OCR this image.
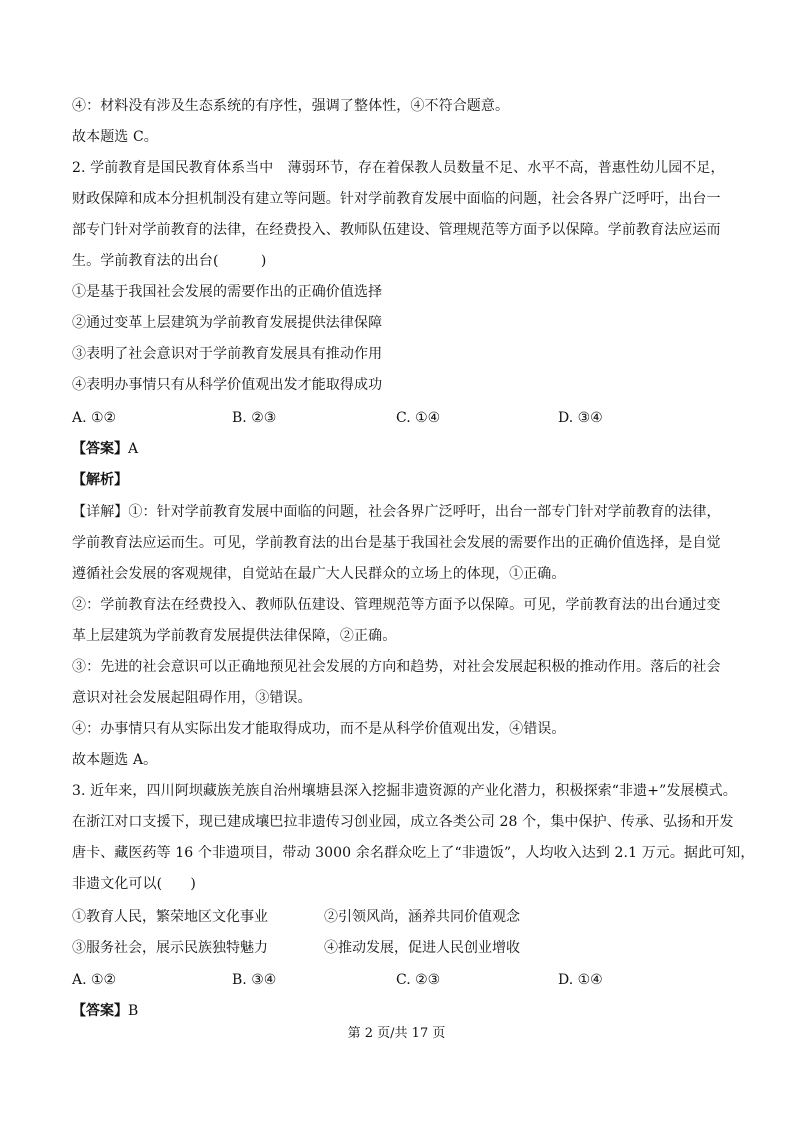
④：材料没有涉及生态系统的有序性，强调了整体性，④不符合题意。
故本题选 C。
2. 学前教育是国民教育体系当中　薄弱环节，存在着保教人员数量不足、水平不高，普惠性幼儿园不足，
财政保障和成本分担机制没有建立等问题。针对学前教育发展中面临的问题，社会各界广泛呼吁，出台一
部专门针对学前教育的法律，在经费投入、教师队伍建设、管理规范等方面予以保障。学前教育法应运而
生。学前教育法的出台(　　　)
①是基于我国社会发展的需要作出的正确价值选择
②通过变革上层建筑为学前教育发展提供法律保障
③表明了社会意识对于学前教育发展具有推动作用
④表明办事情只有从科学价值观出发才能取得成功
A. ①②	B. ②③	C. ①④	D. ③④
【答案】A
【解析】
【详解】①：针对学前教育发展中面临的问题，社会各界广泛呼吁，出台一部专门针对学前教育的法律，
学前教育法应运而生。可见，学前教育法的出台是基于我国社会发展的需要作出的正确价值选择，是自觉
遵循社会发展的客观规律，自觉站在最广大人民群众的立场上的体现，①正确。
②：学前教育法在经费投入、教师队伍建设、管理规范等方面予以保障。可见，学前教育法的出台通过变
革上层建筑为学前教育发展提供法律保障，②正确。
③：先进的社会意识可以正确地预见社会发展的方向和趋势，对社会发展起积极的推动作用。落后的社会
意识对社会发展起阻碍作用，③错误。
④：办事情只有从实际出发才能取得成功，而不是从科学价值观出发，④错误。
故本题选 A。
3. 近年来，四川阿坝藏族羌族自治州壤塘县深入挖掘非遗资源的产业化潜力，积极探索“非遗+”发展模式。
在浙江对口支援下，现已建成壤巴拉非遗传习创业园，成立各类公司 28 个，集中保护、传承、弘扬和开发
唐卡、藏医药等 16 个非遗项目，带动 3000 余名群众吃上了“非遗饭”，人均收入达到 2.1 万元。据此可知，
非遗文化可以(　　)
①教育人民，繁荣地区文化事业	②引领风尚，涵养共同价值观念
③服务社会，展示民族独特魅力	④推动发展，促进人民创业增收
A. ①②	B. ③④	C. ②③	D. ①④
【答案】B
第 2 页/共 17 页
